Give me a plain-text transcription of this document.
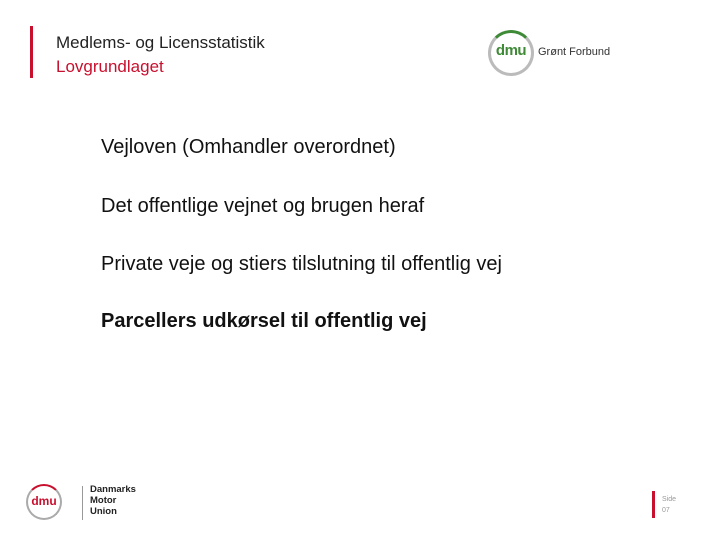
Medlems- og Licensstatistik
Lovgrundlaget
dmu	Grønt Forbund
Vejloven (Omhandler overordnet)
Det offentlige vejnet og brugen heraf
Private veje og stiers tilslutning til offentlig vej
Parcellers udkørsel til offentlig vej
dmu
Danmarks
Motor
Union
Side
07
